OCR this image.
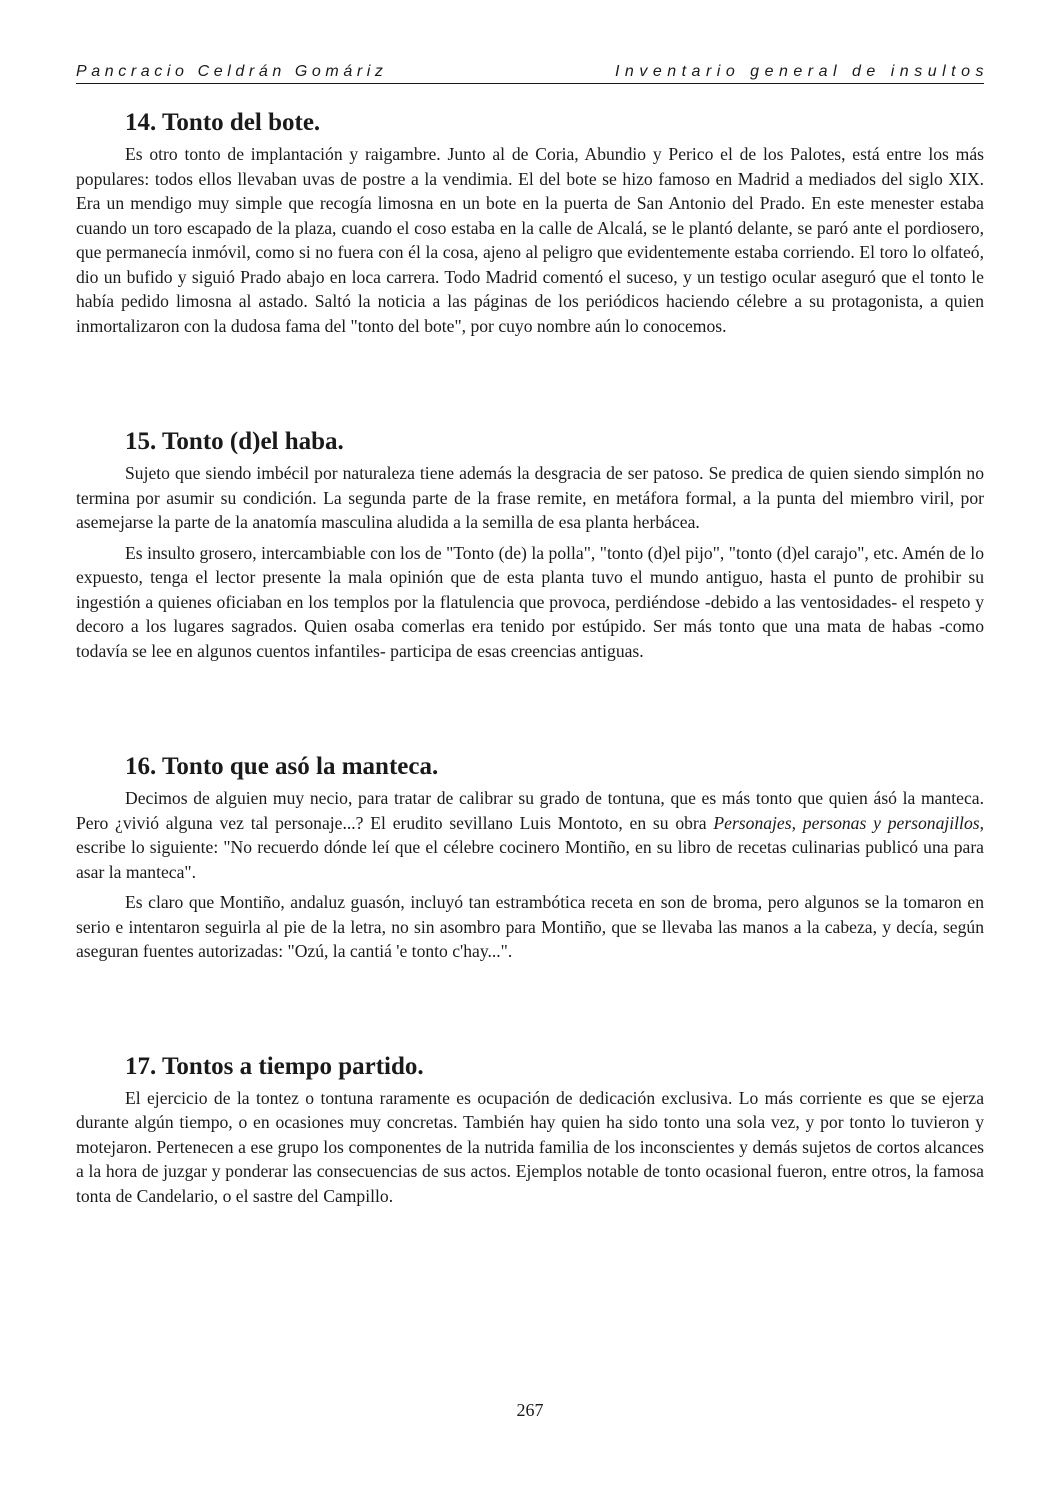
Pancracio Celdrán Gomáriz	Inventario general de insultos
14. Tonto del bote.

Es otro tonto de implantación y raigambre. Junto al de Coria, Abundio y Perico el de los Palotes, está entre los más populares: todos ellos llevaban uvas de postre a la vendimia. El del bote se hizo famoso en Madrid a mediados del siglo XIX. Era un mendigo muy simple que recogía limosna en un bote en la puerta de San Antonio del Prado. En este menester estaba cuando un toro escapado de la plaza, cuando el coso estaba en la calle de Alcalá, se le plantó delante, se paró ante el pordiosero, que permanecía inmóvil, como si no fuera con él la cosa, ajeno al peligro que evidentemente estaba corriendo. El toro lo olfateó, dio un bufido y siguió Prado abajo en loca carrera. Todo Madrid comentó el suceso, y un testigo ocular aseguró que el tonto le había pedido limosna al astado. Saltó la noticia a las páginas de los periódicos haciendo célebre a su protagonista, a quien inmortalizaron con la dudosa fama del "tonto del bote", por cuyo nombre aún lo conocemos.

15. Tonto (d)el haba.

Sujeto que siendo imbécil por naturaleza tiene además la desgracia de ser patoso. Se predica de quien siendo simplón no termina por asumir su condición. La segunda parte de la frase remite, en metáfora formal, a la punta del miembro viril, por asemejarse la parte de la anatomía masculina aludida a la semilla de esa planta herbácea.

Es insulto grosero, intercambiable con los de "Tonto (de) la polla", "tonto (d)el pijo", "tonto (d)el carajo", etc. Amén de lo expuesto, tenga el lector presente la mala opinión que de esta planta tuvo el mundo antiguo, hasta el punto de prohibir su ingestión a quienes oficiaban en los templos por la flatulencia que provoca, perdiéndose -debido a las ventosidades- el respeto y decoro a los lugares sagrados. Quien osaba comerlas era tenido por estúpido. Ser más tonto que una mata de habas -como todavía se lee en algunos cuentos infantiles- participa de esas creencias antiguas.

16. Tonto que asó la manteca.

Decimos de alguien muy necio, para tratar de calibrar su grado de tontuna, que es más tonto que quien ásó la manteca. Pero ¿vivió alguna vez tal personaje...? El erudito sevillano Luis Montoto, en su obra Personajes, personas y personajillos, escribe lo siguiente: "No recuerdo dónde leí que el célebre cocinero Montiño, en su libro de recetas culinarias publicó una para asar la manteca".

Es claro que Montiño, andaluz guasón, incluyó tan estrambótica receta en son de broma, pero algunos se la tomaron en serio e intentaron seguirla al pie de la letra, no sin asombro para Montiño, que se llevaba las manos a la cabeza, y decía, según aseguran fuentes autorizadas: "Ozú, la cantiá 'e tonto c'hay...".

17. Tontos a tiempo partido.

El ejercicio de la tontez o tontuna raramente es ocupación de dedicación exclusiva. Lo más corriente es que se ejerza durante algún tiempo, o en ocasiones muy concretas. También hay quien ha sido tonto una sola vez, y por tonto lo tuvieron y motejaron. Pertenecen a ese grupo los componentes de la nutrida familia de los inconscientes y demás sujetos de cortos alcances a la hora de juzgar y ponderar las consecuencias de sus actos. Ejemplos notable de tonto ocasional fueron, entre otros, la famosa tonta de Candelario, o el sastre del Campillo.

267
